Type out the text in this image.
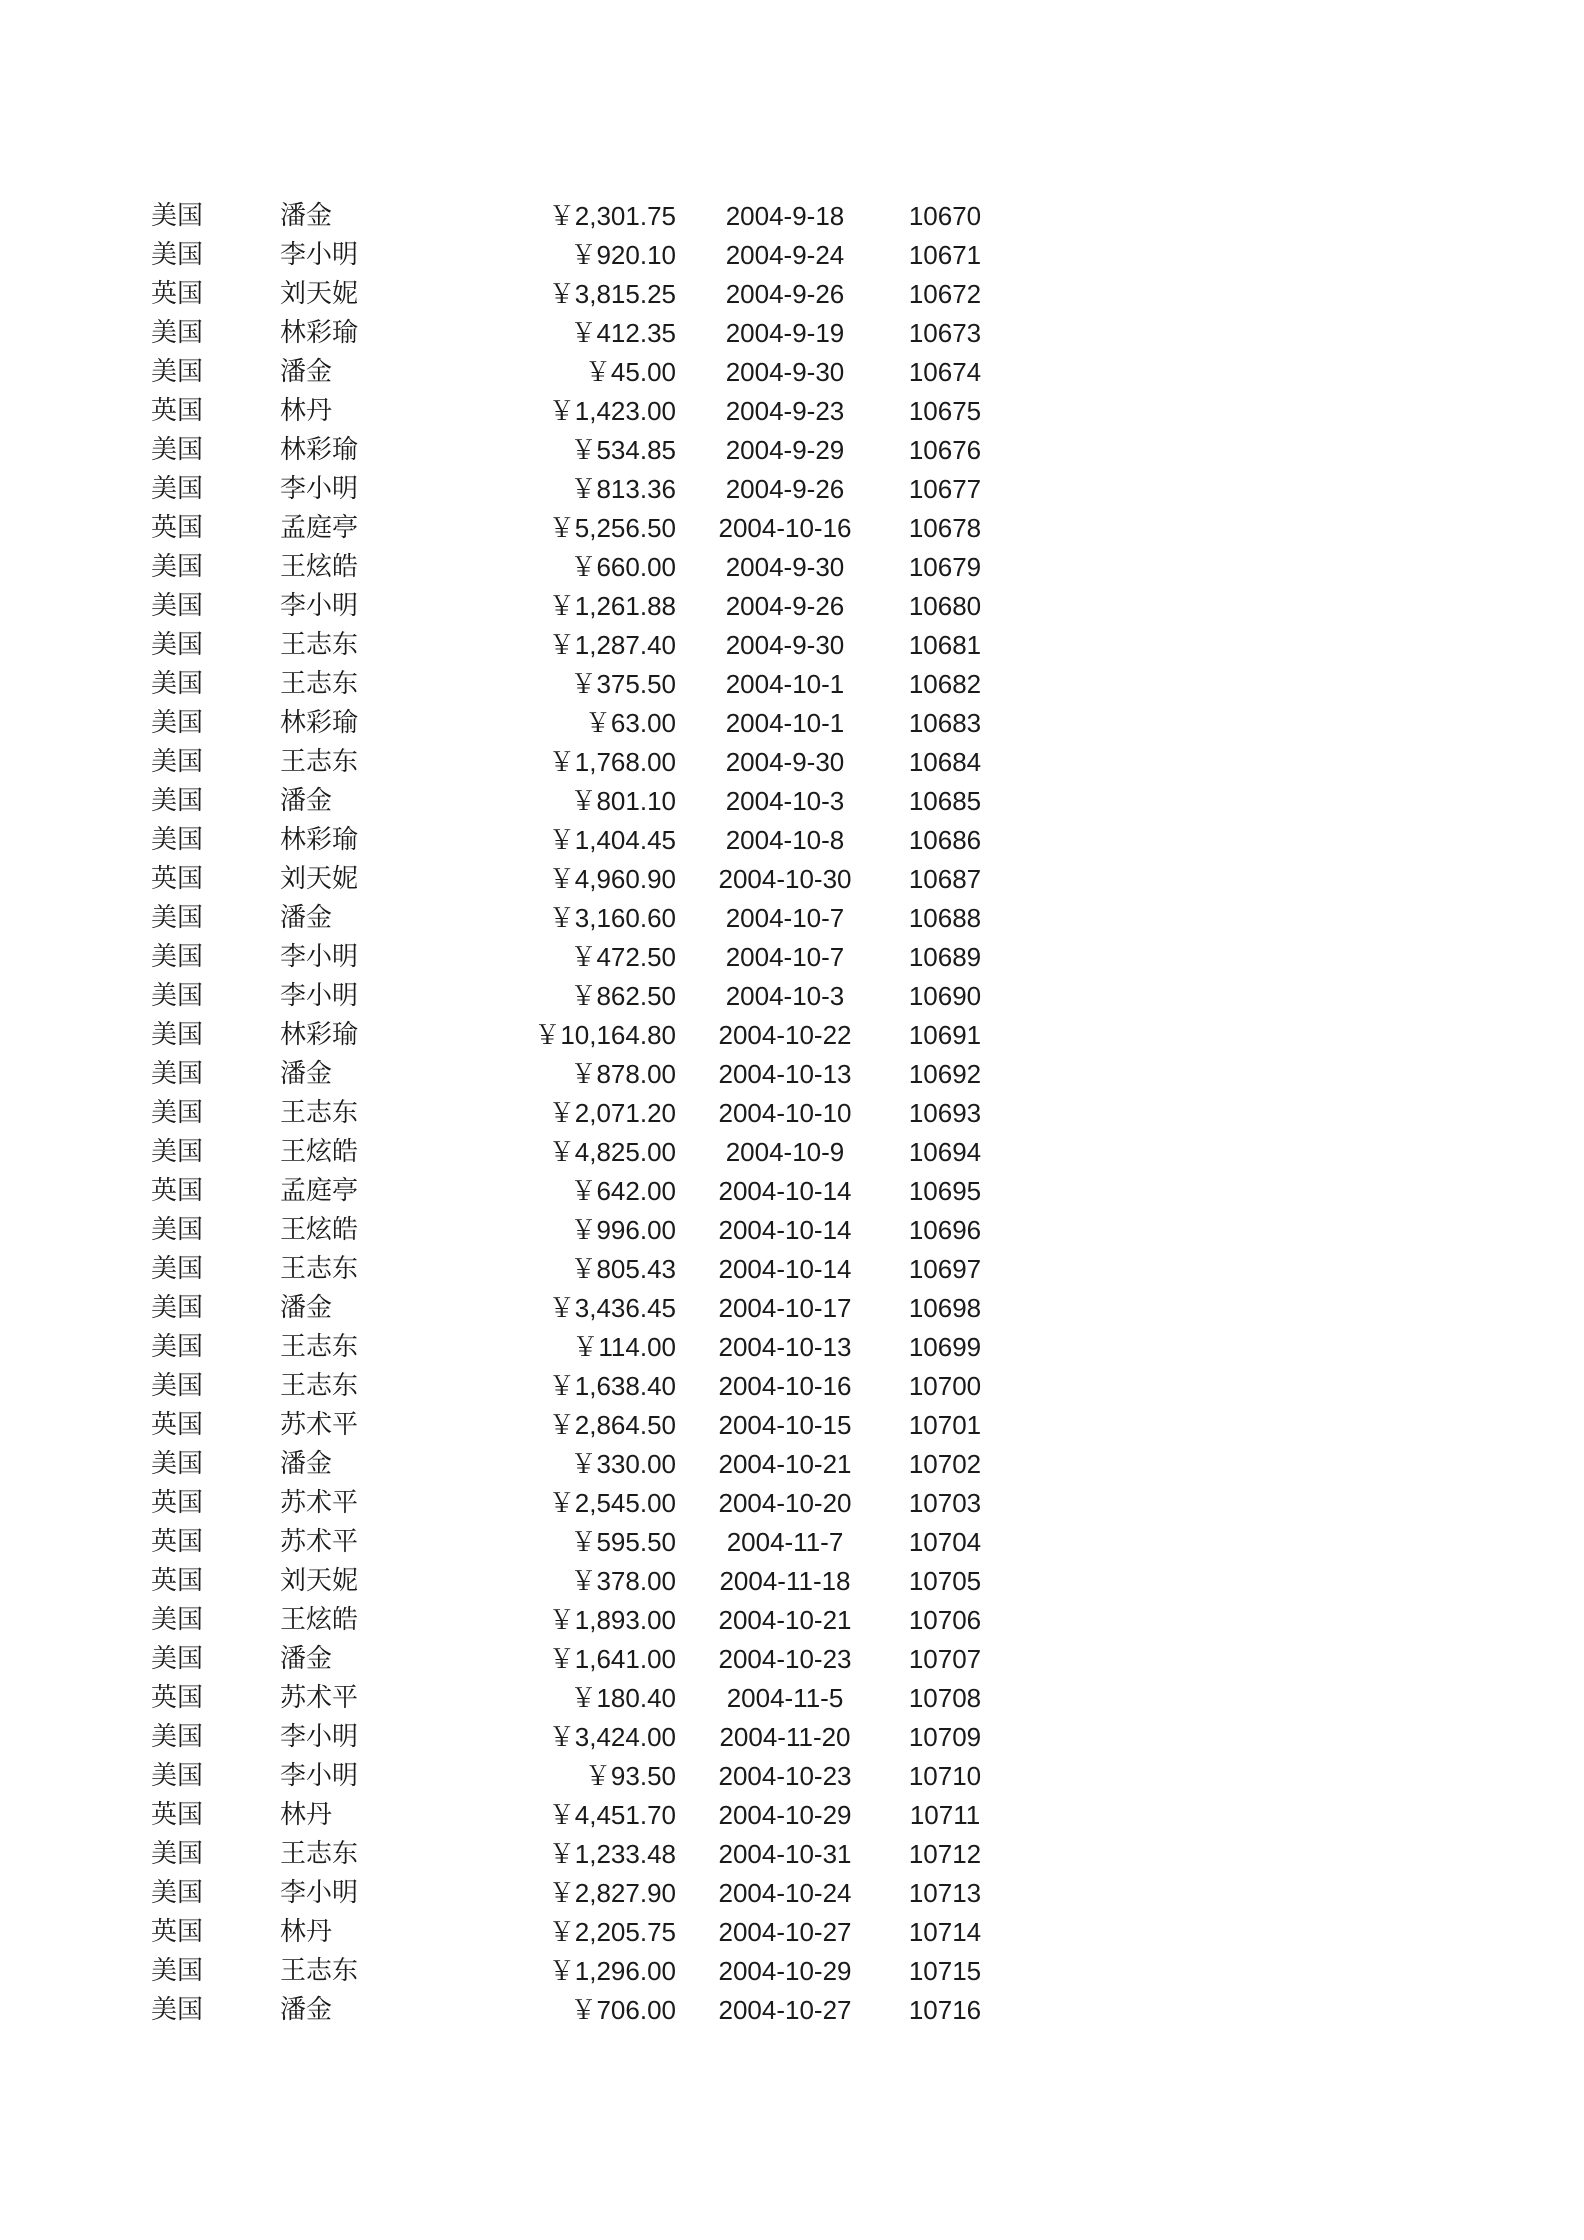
美国	潘金	￥2,301.75	2004-9-18	10670
美国	李小明	￥920.10	2004-9-24	10671
英国	刘天妮	￥3,815.25	2004-9-26	10672
美国	林彩瑜	￥412.35	2004-9-19	10673
美国	潘金	￥45.00	2004-9-30	10674
英国	林丹	￥1,423.00	2004-9-23	10675
美国	林彩瑜	￥534.85	2004-9-29	10676
美国	李小明	￥813.36	2004-9-26	10677
英国	孟庭亭	￥5,256.50	2004-10-16	10678
美国	王炫皓	￥660.00	2004-9-30	10679
美国	李小明	￥1,261.88	2004-9-26	10680
美国	王志东	￥1,287.40	2004-9-30	10681
美国	王志东	￥375.50	2004-10-1	10682
美国	林彩瑜	￥63.00	2004-10-1	10683
美国	王志东	￥1,768.00	2004-9-30	10684
美国	潘金	￥801.10	2004-10-3	10685
美国	林彩瑜	￥1,404.45	2004-10-8	10686
英国	刘天妮	￥4,960.90	2004-10-30	10687
美国	潘金	￥3,160.60	2004-10-7	10688
美国	李小明	￥472.50	2004-10-7	10689
美国	李小明	￥862.50	2004-10-3	10690
美国	林彩瑜	￥10,164.80	2004-10-22	10691
美国	潘金	￥878.00	2004-10-13	10692
美国	王志东	￥2,071.20	2004-10-10	10693
美国	王炫皓	￥4,825.00	2004-10-9	10694
英国	孟庭亭	￥642.00	2004-10-14	10695
美国	王炫皓	￥996.00	2004-10-14	10696
美国	王志东	￥805.43	2004-10-14	10697
美国	潘金	￥3,436.45	2004-10-17	10698
美国	王志东	￥114.00	2004-10-13	10699
美国	王志东	￥1,638.40	2004-10-16	10700
英国	苏术平	￥2,864.50	2004-10-15	10701
美国	潘金	￥330.00	2004-10-21	10702
英国	苏术平	￥2,545.00	2004-10-20	10703
英国	苏术平	￥595.50	2004-11-7	10704
英国	刘天妮	￥378.00	2004-11-18	10705
美国	王炫皓	￥1,893.00	2004-10-21	10706
美国	潘金	￥1,641.00	2004-10-23	10707
英国	苏术平	￥180.40	2004-11-5	10708
美国	李小明	￥3,424.00	2004-11-20	10709
美国	李小明	￥93.50	2004-10-23	10710
英国	林丹	￥4,451.70	2004-10-29	10711
美国	王志东	￥1,233.48	2004-10-31	10712
美国	李小明	￥2,827.90	2004-10-24	10713
英国	林丹	￥2,205.75	2004-10-27	10714
美国	王志东	￥1,296.00	2004-10-29	10715
美国	潘金	￥706.00	2004-10-27	10716
